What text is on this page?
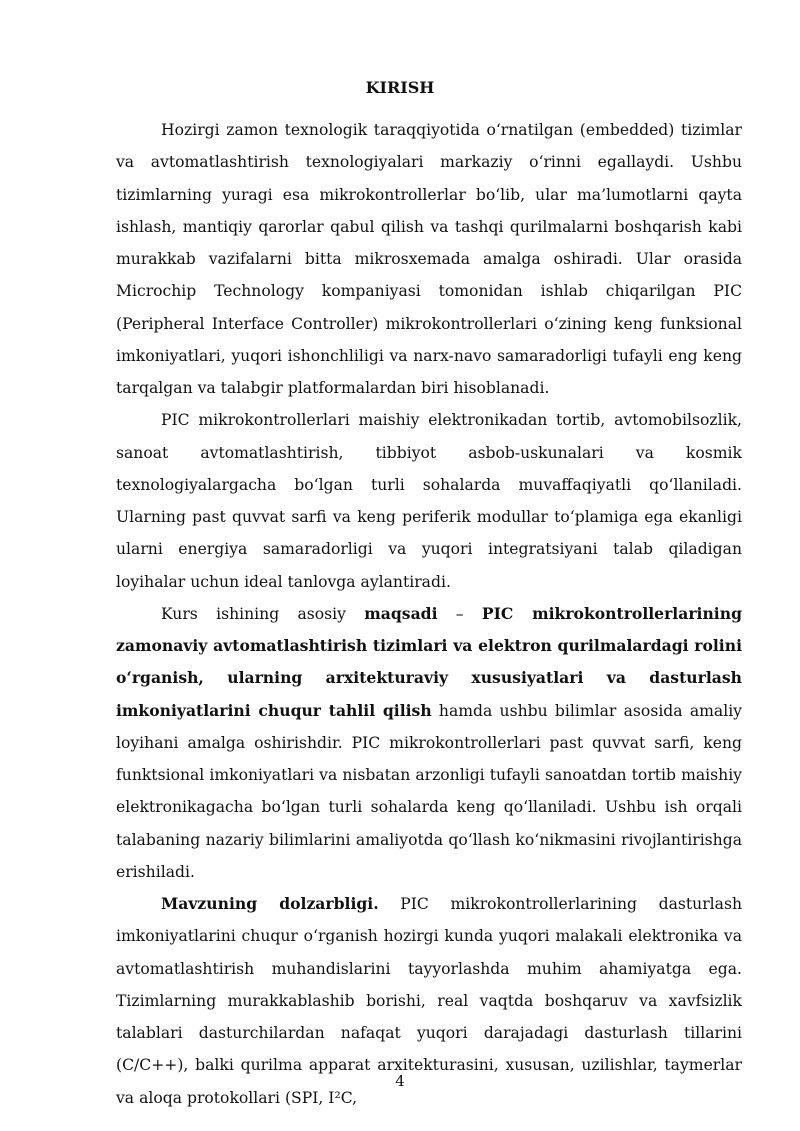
KIRISH

Hozirgi zamon texnologik taraqqiyotida o‘rnatilgan (embedded) tizimlar va avtomatlashtirish texnologiyalari markaziy o‘rinni egallaydi. Ushbu tizimlarning yuragi esa mikrokontrollerlar bo‘lib, ular ma’lumotlarni qayta ishlash, mantiqiy qarorlar qabul qilish va tashqi qurilmalarni boshqarish kabi murakkab vazifalarni bitta mikrosxemada amalga oshiradi. Ular orasida Microchip Technology kompaniyasi tomonidan ishlab chiqarilgan PIC (Peripheral Interface Controller) mikrokontrollerlari o‘zining keng funksional imkoniyatlari, yuqori ishonchliligi va narx-navo samaradorligi tufayli eng keng tarqalgan va talabgir platformalardan biri hisoblanadi.

PIC mikrokontrollerlari maishiy elektronikadan tortib, avtomobilsozlik, sanoat avtomatlashtirish, tibbiyot asbob-uskunalari va kosmik texnologiyalargacha bo‘lgan turli sohalarda muvaffaqiyatli qo‘llaniladi. Ularning past quvvat sarfi va keng periferik modullar to‘plamiga ega ekanligi ularni energiya samaradorligi va yuqori integratsiyani talab qiladigan loyihalar uchun ideal tanlovga aylantiradi.

Kurs ishining asosiy maqsadi – PIC mikrokontrollerlarining zamonaviy avtomatlashtirish tizimlari va elektron qurilmalardagi rolini o‘rganish, ularning arxitekturaviy xususiyatlari va dasturlash imkoniyatlarini chuqur tahlil qilish hamda ushbu bilimlar asosida amaliy loyihani amalga oshirishdir. PIC mikrokontrollerlari past quvvat sarfi, keng funktsional imkoniyatlari va nisbatan arzonligi tufayli sanoatdan tortib maishiy elektronikagacha bo‘lgan turli sohalarda keng qo‘llaniladi. Ushbu ish orqali talabaning nazariy bilimlarini amaliyotda qo‘llash ko‘nikmasini rivojlantirishga erishiladi.

Mavzuning dolzarbligi. PIC mikrokontrollerlarining dasturlash imkoniyatlarini chuqur o‘rganish hozirgi kunda yuqori malakali elektronika va avtomatlashtirish muhandislarini tayyorlashda muhim ahamiyatga ega. Tizimlarning murakkablashib borishi, real vaqtda boshqaruv va xavfsizlik talablari dasturchilardan nafaqat yuqori darajadagi dasturlash tillarini (C/C++), balki qurilma apparat arxitekturasini, xususan, uzilishlar, taymerlar va aloqa protokollari (SPI, I²C,

4
